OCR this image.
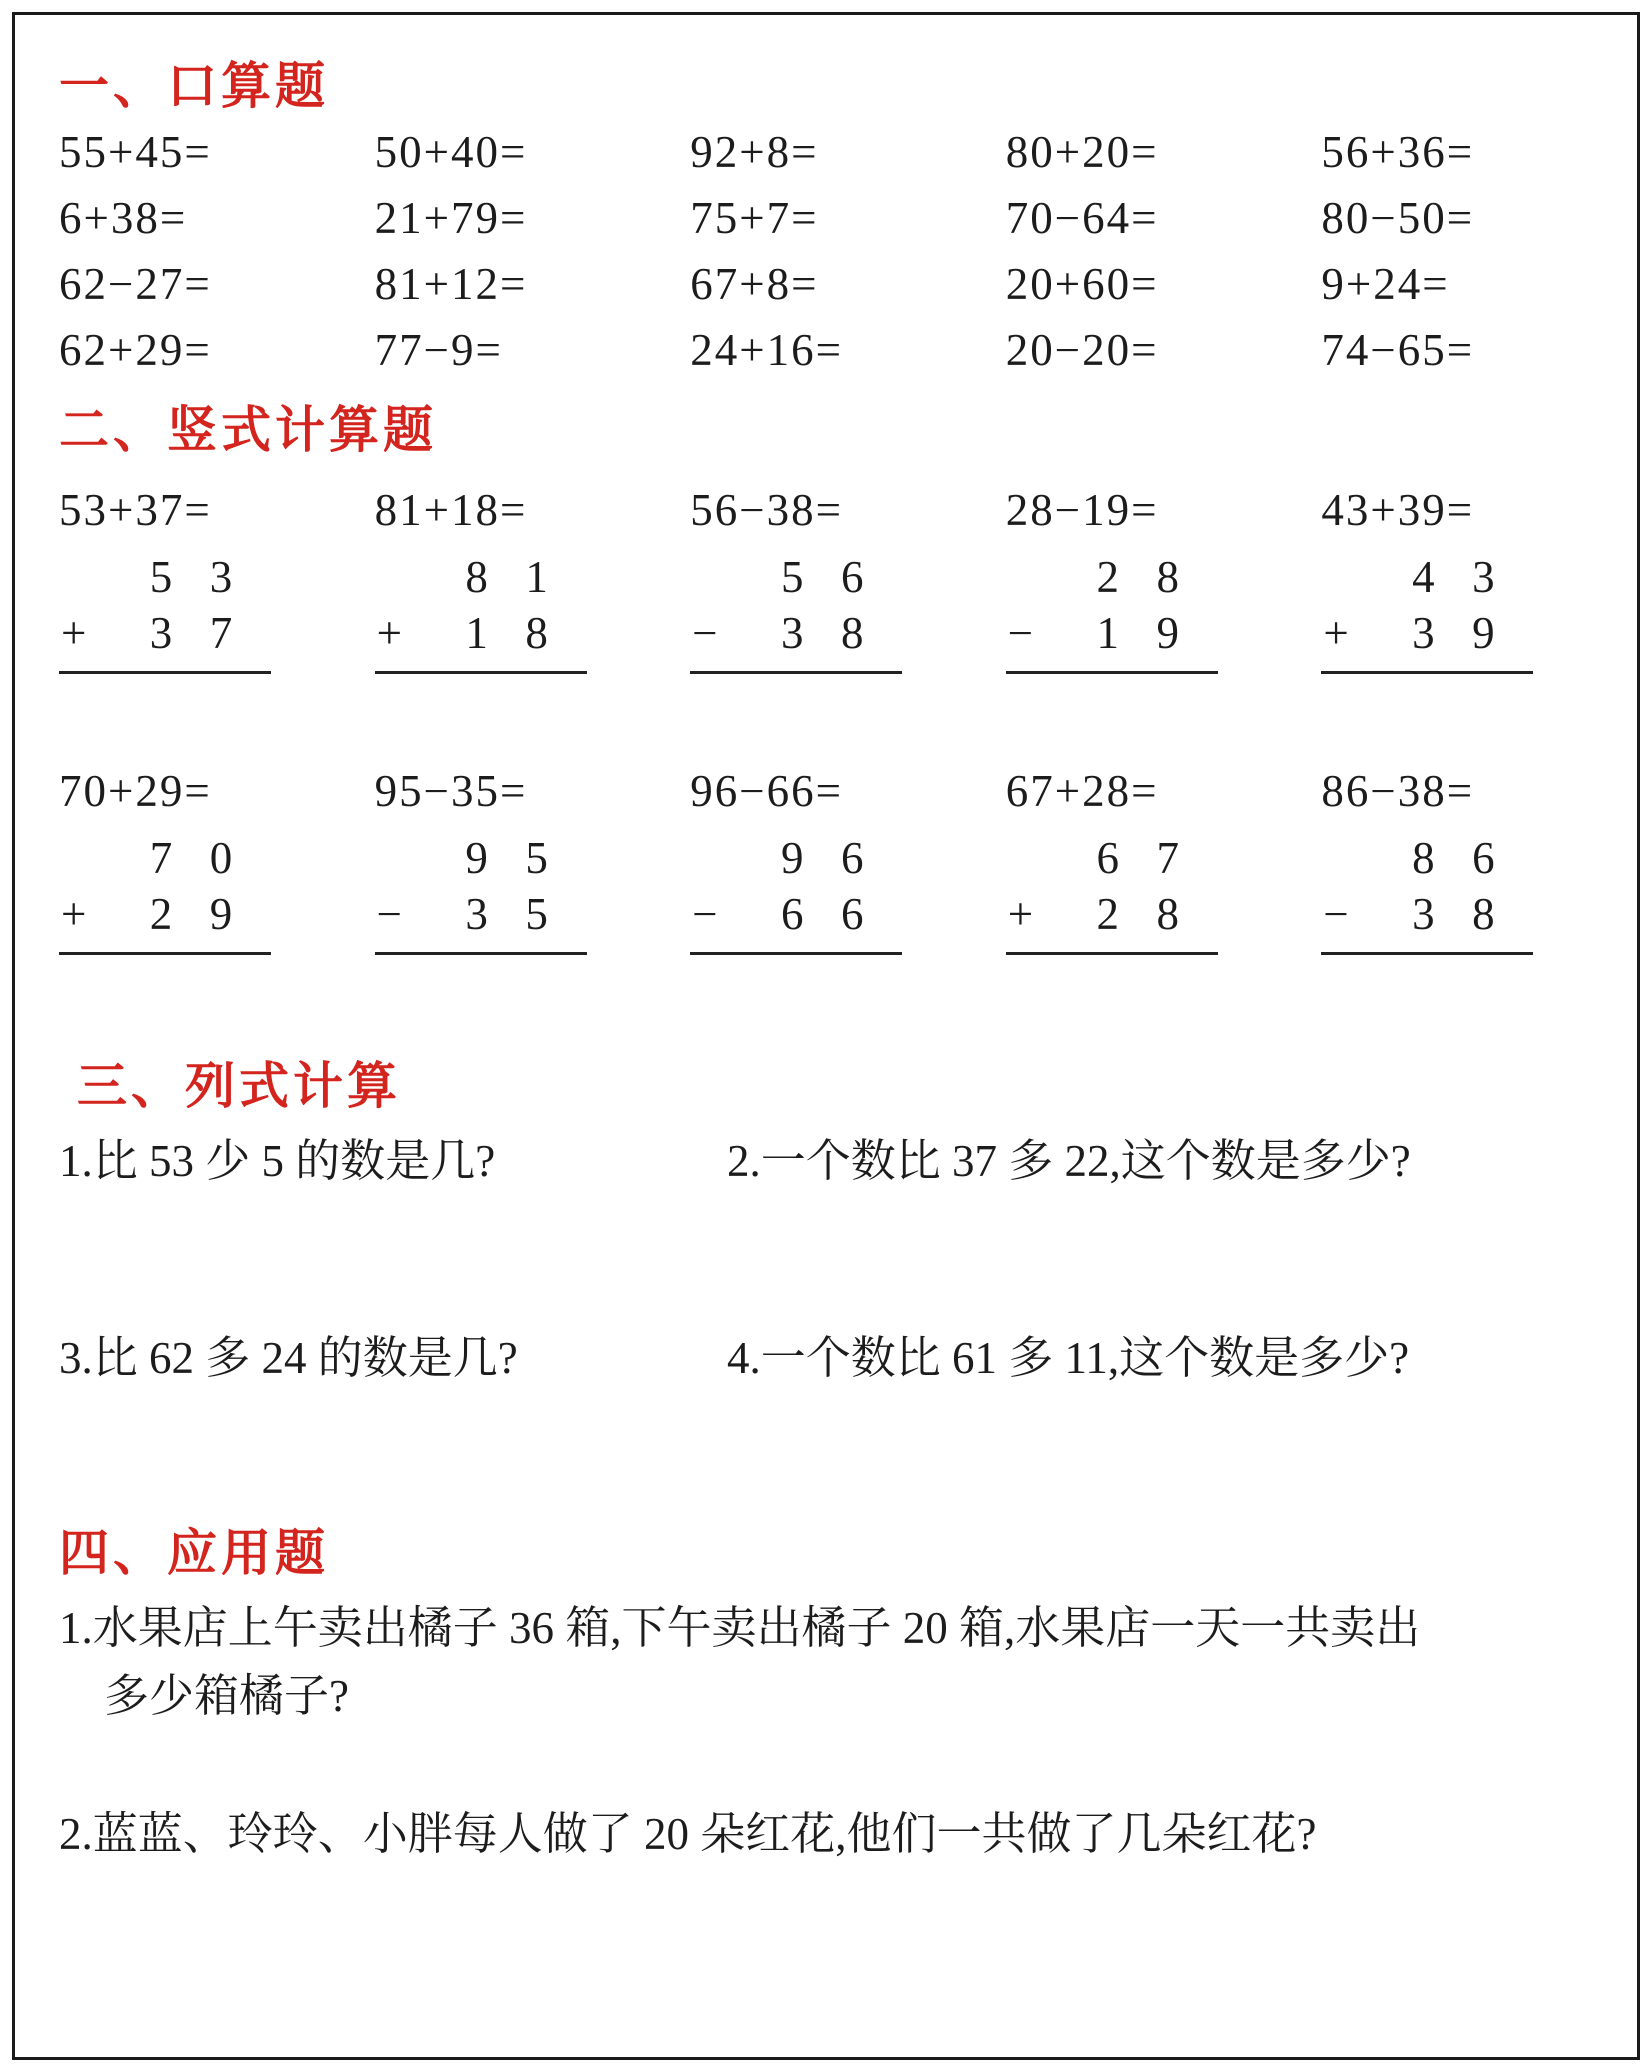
一、口算题
55+45=	50+40=	92+8=	80+20=	56+36=
6+38=	21+79=	75+7=	70−64=	80−50=
62−27=	81+12=	67+8=	20+60=	9+24=
62+29=	77−9=	24+16=	20−20=	74−65=
二、竖式计算题
53+37=
5 3
+ 3 7
81+18=
8 1
+ 1 8
56−38=
5 6
− 3 8
28−19=
2 8
− 1 9
43+39=
4 3
+ 3 9
70+29=
7 0
+ 2 9
95−35=
9 5
− 3 5
96−66=
9 6
− 6 6
67+28=
6 7
+ 2 8
86−38=
8 6
− 3 8
三、列式计算
1.比 53 少 5 的数是几?	2.一个数比 37 多 22,这个数是多少?
3.比 62 多 24 的数是几?	4.一个数比 61 多 11,这个数是多少?
四、应用题
1.水果店上午卖出橘子 36 箱,下午卖出橘子 20 箱,水果店一天一共卖出
多少箱橘子?
2.蓝蓝、玲玲、小胖每人做了 20 朵红花,他们一共做了几朵红花?
